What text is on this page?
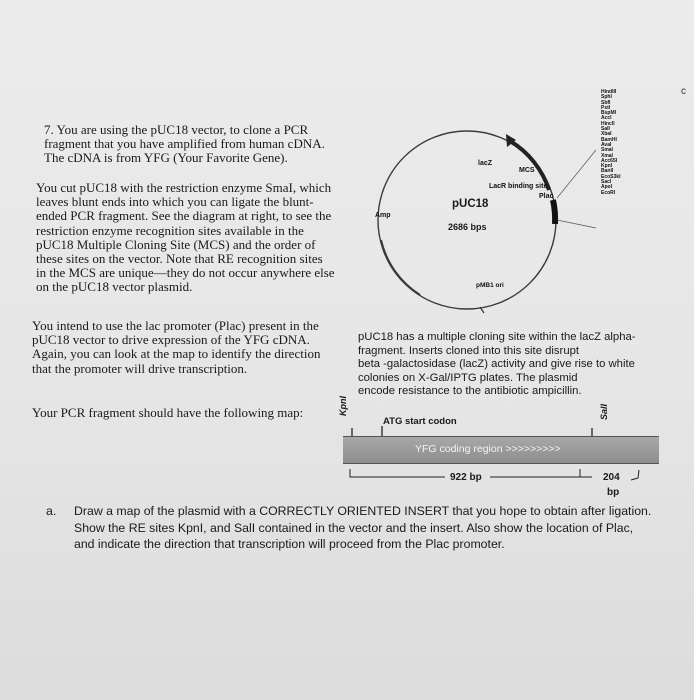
7. You are using the pUC18 vector, to clone a PCR
fragment that you have amplified from human cDNA.
The cDNA is from YFG (Your Favorite Gene).
You cut pUC18 with the restriction enzyme SmaI, which
leaves blunt ends into which you can ligate the blunt-
ended PCR fragment. See the diagram at right, to see the
restriction enzyme recognition sites available in the
pUC18 Multiple Cloning Site (MCS) and the order of
these sites on the vector. Note that RE recognition sites
in the MCS are unique—they do not occur anywhere else
on the pUC18 vector plasmid.
You intend to use the lac promoter (Plac) present in the
pUC18 vector to drive expression of the YFG cDNA.
Again, you can look at the map to identify the direction
that the promoter will drive transcription.
Your PCR fragment should have the following map:
lacZ
MCS
LacR binding site
Plac
Amp
pUC18
2686 bps
pMB1 ori
HindIII
SphI
SbfI
PstI
BspMI
AccI
HincII
SalI
XbaI
BamHI
AvaI
SmaI
XmaI
Acc65I
KpnI
BanII
EcoS3kI
SacI
ApoI
EcoRI
pUC18 has a multiple cloning site within the lacZ alpha-
fragment. Inserts cloned into this site disrupt
beta -galactosidase (lacZ) activity and give rise to white
colonies on X-Gal/IPTG plates. The plasmid
encode resistance to the antibiotic ampicillin.
KpnI	SalI
ATG start codon
YFG coding region >>>>>>>>>
922 bp	204
bp
a. Draw a map of the plasmid with a CORRECTLY ORIENTED INSERT that you hope to obtain after ligation.
Show the RE sites KpnI, and SalI contained in the vector and the insert. Also show the location of Plac,
and indicate the direction that transcription will proceed from the Plac promoter.
c
